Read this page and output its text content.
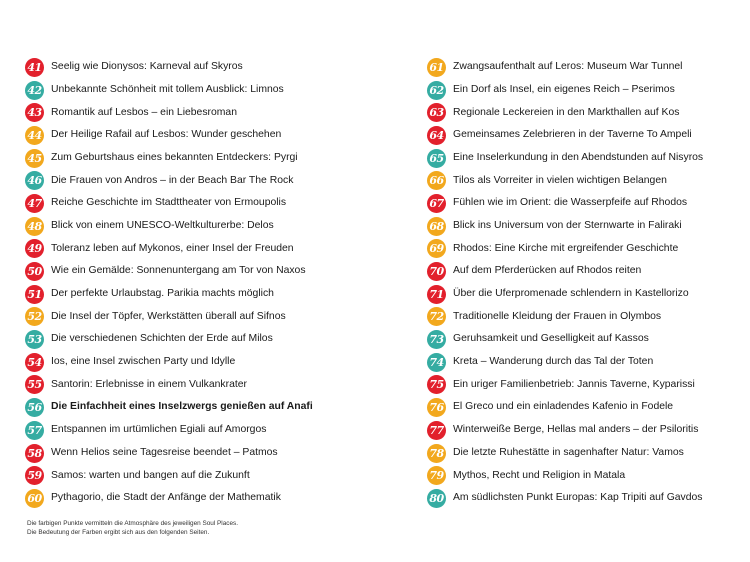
41 Seelig wie Dionysos: Karneval auf Skyros
42 Unbekannte Schönheit mit tollem Ausblick: Limnos
43 Romantik auf Lesbos – ein Liebesroman
44 Der Heilige Rafail auf Lesbos: Wunder geschehen
45 Zum Geburtshaus eines bekannten Entdeckers: Pyrgi
46 Die Frauen von Andros – in der Beach Bar The Rock
47 Reiche Geschichte im Stadttheater von Ermoupolis
48 Blick von einem UNESCO-Weltkulturerbe: Delos
49 Toleranz leben auf Mykonos, einer Insel der Freuden
50 Wie ein Gemälde: Sonnenuntergang am Tor von Naxos
51 Der perfekte Urlaubstag. Parikia machts möglich
52 Die Insel der Töpfer, Werkstätten überall auf Sifnos
53 Die verschiedenen Schichten der Erde auf Milos
54 Ios, eine Insel zwischen Party und Idylle
55 Santorin: Erlebnisse in einem Vulkankrater
56 Die Einfachheit eines Inselzwergs genießen auf Anafi
57 Entspannen im urtümlichen Egiali auf Amorgos
58 Wenn Helios seine Tagesreise beendet – Patmos
59 Samos: warten und bangen auf die Zukunft
60 Pythagorio, die Stadt der Anfänge der Mathematik
61 Zwangsaufenthalt auf Leros: Museum War Tunnel
62 Ein Dorf als Insel, ein eigenes Reich – Pserimos
63 Regionale Leckereien in den Markthallen auf Kos
64 Gemeinsames Zelebrieren in der Taverne To Ampeli
65 Eine Inselerkundung in den Abendstunden auf Nisyros
66 Tilos als Vorreiter in vielen wichtigen Belangen
67 Fühlen wie im Orient: die Wasserpfeife auf Rhodos
68 Blick ins Universum von der Sternwarte in Faliraki
69 Rhodos: Eine Kirche mit ergreifender Geschichte
70 Auf dem Pferderücken auf Rhodos reiten
71 Über die Uferpromenade schlendern in Kastellorizo
72 Traditionelle Kleidung der Frauen in Olymbos
73 Geruhsamkeit und Geselligkeit auf Kassos
74 Kreta – Wanderung durch das Tal der Toten
75 Ein uriger Familienbetrieb: Jannis Taverne, Kyparissi
76 El Greco und ein einladendes Kafenio in Fodele
77 Winterweiße Berge, Hellas mal anders – der Psiloritis
78 Die letzte Ruhestätte in sagenhafter Natur: Vamos
79 Mythos, Recht und Religion in Matala
80 Am südlichsten Punkt Europas: Kap Tripiti auf Gavdos
Die farbigen Punkte vermitteln die Atmosphäre des jeweiligen Soul Places.
Die Bedeutung der Farben ergibt sich aus den folgenden Seiten.
